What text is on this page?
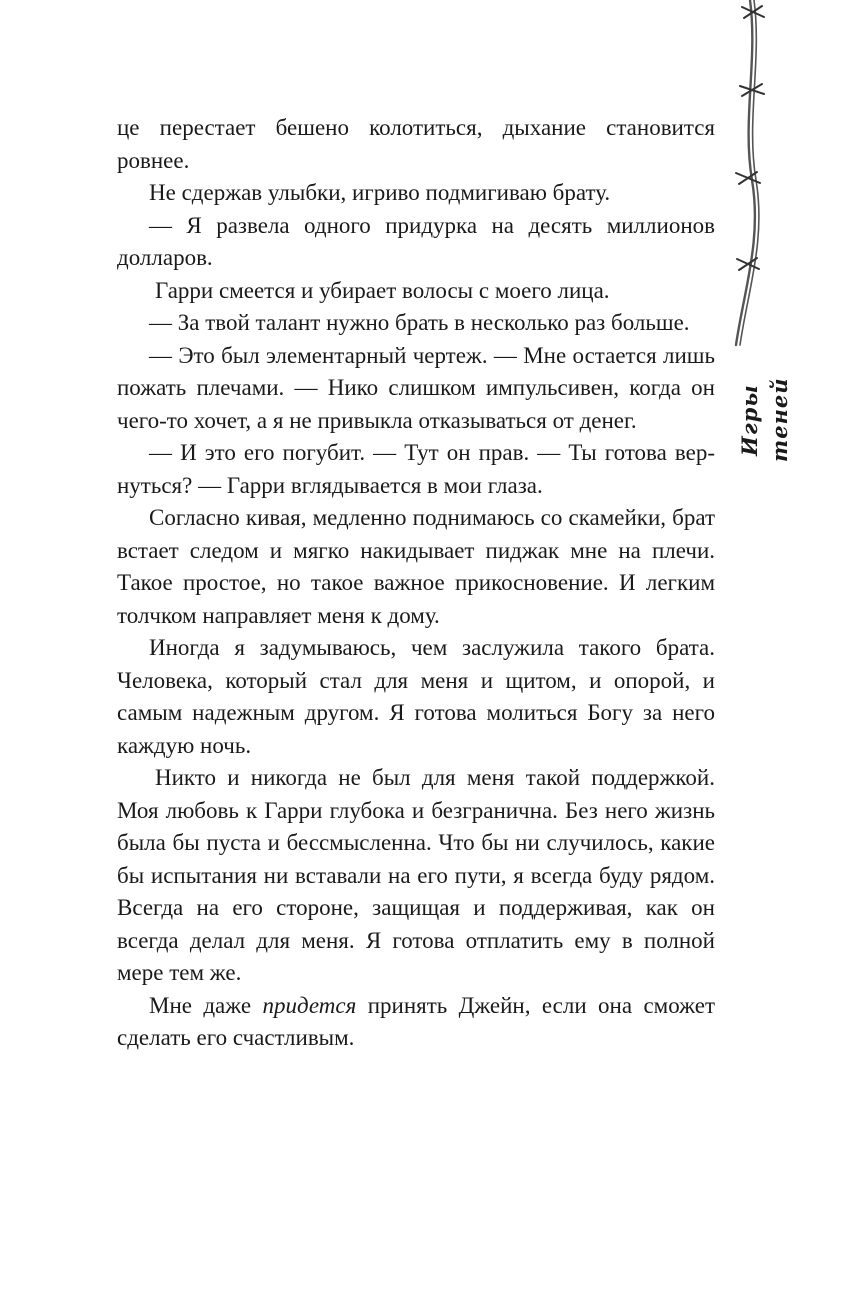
Игры теней

це перестает бешено колотиться, дыхание становится ровнее.

Не сдержав улыбки, игриво подмигиваю брату.

— Я развела одного придурка на десять миллионов долларов.

Гарри смеется и убирает волосы с моего лица.

— За твой талант нужно брать в несколько раз больше.

— Это был элементарный чертеж. — Мне остается лишь пожать плечами. — Нико слишком импульсивен, когда он чего-то хочет, а я не привыкла отказываться от денег.

— И это его погубит. — Тут он прав. — Ты готова вернуться? — Гарри вглядывается в мои глаза.

Согласно кивая, медленно поднимаюсь со скамейки, брат встает следом и мягко накидывает пиджак мне на плечи. Такое простое, но такое важное прикосновение. И легким толчком направляет меня к дому.

Иногда я задумываюсь, чем заслужила такого брата. Человека, который стал для меня и щитом, и опорой, и самым надежным другом. Я готова молиться Богу за него каждую ночь.

Никто и никогда не был для меня такой поддержкой. Моя любовь к Гарри глубока и безгранична. Без него жизнь была бы пуста и бессмысленна. Что бы ни случилось, какие бы испытания ни вставали на его пути, я всегда буду рядом. Всегда на его стороне, защищая и поддерживая, как он всегда делал для меня. Я готова отплатить ему в полной мере тем же.

Мне даже придется принять Джейн, если она сможет сделать его счастливым.
